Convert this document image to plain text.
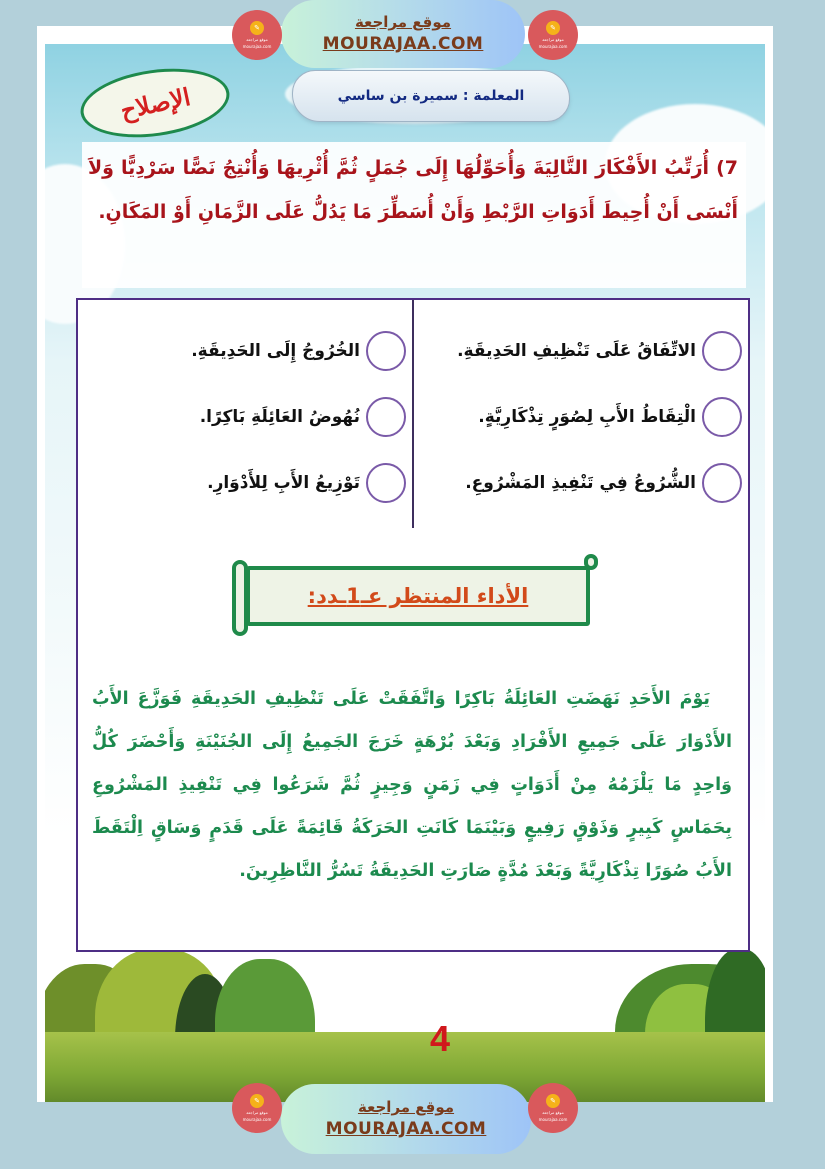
✎
موقع مراجعة
mourajaa.com
موقع مراجعة
MOURAJAA.COM
✎
موقع مراجعة
mourajaa.com
الإصلاح	المعلمة : سميرة بن ساسي

7) أُرَتِّبُ الأَفْكَارَ التَّالِيَةَ وَأُحَوِّلُهَا إِلَى جُمَلٍ ثُمَّ أُثْرِيهَا وَأُنْتِجُ نَصًّا سَرْدِيًّا وَلاَ أَنْسَى أَنْ أُحِيطَ أَدَوَاتِ الرَّبْطِ وَأَنْ أُسَطِّرَ مَا يَدُلُّ عَلَى الزَّمَانِ أَوْ المَكَانِ.

الاتِّفَاقُ عَلَى تَنْظِيفِ الحَدِيقَةِ.
الْتِقَاطُ الأَبِ لِصُوَرٍ تِذْكَارِيَّةٍ.
الشُّرُوعُ فِي تَنْفِيذِ المَشْرُوعِ.
الخُرُوجُ إِلَى الحَدِيقَةِ.
نُهُوضُ العَائِلَةِ بَاكِرًا.
تَوْزِيعُ الأَبِ لِلأَدْوَارِ.
الأداء المنتظر عـ1ـدد:

يَوْمَ الأَحَدِ نَهَضَتِ العَائِلَةُ بَاكِرًا وَاتَّفَقَتْ عَلَى تَنْظِيفِ الحَدِيقَةِ فَوَزَّعَ الأَبُ الأَدْوَارَ عَلَى جَمِيعِ الأَفْرَادِ وَبَعْدَ بُرْهَةٍ خَرَجَ الجَمِيعُ إِلَى الجُنَيْنَةِ وَأَحْضَرَ كُلُّ وَاحِدٍ مَا يَلْزَمُهُ مِنْ أَدَوَاتٍ فِي زَمَنٍ وَجِيزٍ ثُمَّ شَرَعُوا فِي تَنْفِيذِ المَشْرُوعِ بِحَمَاسٍ كَبِيرٍ وَذَوْقٍ رَفِيعٍ وَبَيْنَمَا كَانَتِ الحَرَكَةُ قَائِمَةً عَلَى قَدَمٍ وَسَاقٍ اِلْتَقَطَ الأَبُ صُوَرًا تِذْكَارِيَّةً وَبَعْدَ مُدَّةٍ صَارَتِ الحَدِيقَةُ تَسُرُّ النَّاظِرِينَ.

4
✎
موقع مراجعة
mourajaa.com
موقع مراجعة
MOURAJAA.COM
✎
موقع مراجعة
mourajaa.com
